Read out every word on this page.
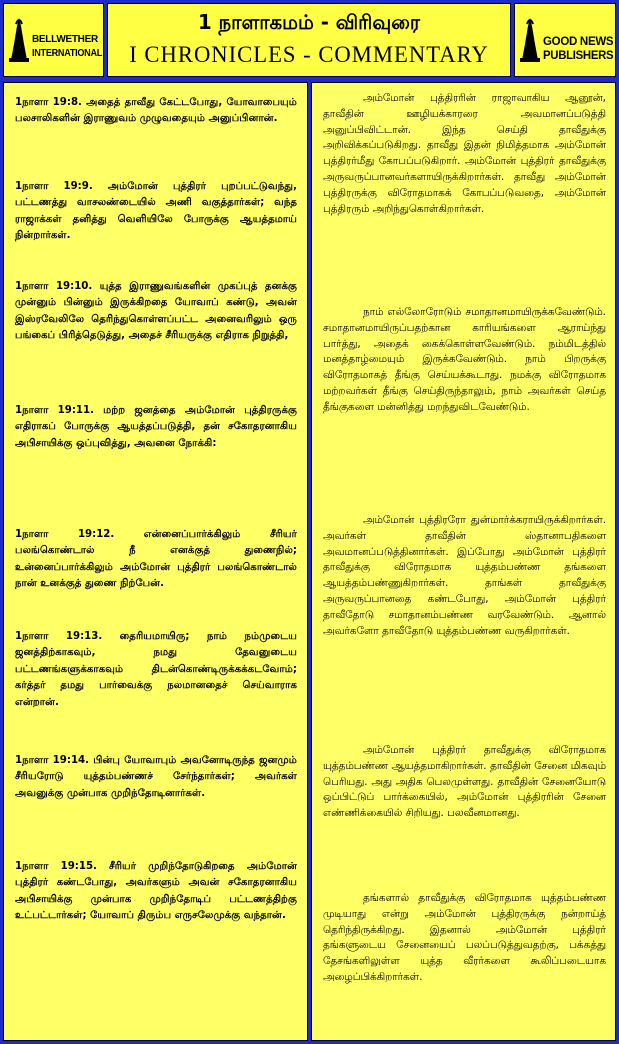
BELLWETHER
INTERNATIONAL
1 நாளாகமம் - விரிவுரை
I CHRONICLES - COMMENTARY
GOOD NEWS
PUBLISHERS

1நாளா 19:8. அதைத் தாவீது கேட்டபோது, யோவாபையும் பலசாலிகளின் இராணுவம் முழுவதையும் அனுப்பினான்.

1நாளா 19:9. அம்மோன் புத்திரர் புறப்பட்டுவந்து, பட்டணத்து வாசலண்டையில் அணி வகுத்தார்கள்; வந்த ராஜாக்கள் தனித்து வெளியிலே போருக்கு ஆயத்தமாய் நின்றார்கள்.

1நாளா 19:10. யுத்த இராணுவங்களின் முகப்புத் தனக்கு முன்னும் பின்னும் இருக்கிறதை யோவாப் கண்டு, அவன் இஸ்ரவேலிலே தெரிந்துகொள்ளப்பட்ட அனைவரிலும் ஒரு பங்கைப் பிரித்தெடுத்து, அதைச் சீரியருக்கு எதிராக நிறுத்தி,

1நாளா 19:11. மற்ற ஜனத்தை அம்மோன் புத்திரருக்கு எதிராகப் போருக்கு ஆயத்தப்படுத்தி, தன் சகோதரனாகிய அபிசாயிக்கு ஒப்புவித்து, அவனை நோக்கி:

1நாளா 19:12. என்னைப்பார்க்கிலும் சீரியர் பலங்கொண்டால் நீ எனக்குத் துணைநில்; உன்னைப்பார்க்கிலும் அம்மோன் புத்திரர் பலங்கொண்டால் நான் உனக்குத் துணை நிற்பேன்.

1நாளா 19:13. தைரியமாயிரு; நாம் நம்முடைய ஜனத்திற்காகவும், நமது தேவனுடைய பட்டணங்களுக்காகவும் திடன்கொண்டிருக்கக்கடவோம்; கர்த்தர் தமது பார்வைக்கு நலமானதைச் செய்வாராக என்றான்.

1நாளா 19:14. பின்பு யோவாபும் அவனோடிருந்த ஜனமும் சீரியரோடு யுத்தம்பண்ணச் சேர்ந்தார்கள்; அவர்கள் அவனுக்கு முன்பாக முறிந்தோடினார்கள்.

1நாளா 19:15. சீரியர் முறிந்தோடுகிறதை அம்மோன் புத்திரர் கண்டபோது, அவர்களும் அவன் சகோதரனாகிய அபிசாயிக்கு முன்பாக முறிந்தோடிப் பட்டணத்திற்கு உட்பட்டார்கள்; யோவாப் திரும்ப எருசலேமுக்கு வந்தான்.

அம்மோன் புத்திரரின் ராஜாவாகிய ஆனூன், தாவீதின் ஊழியக்காரரை அவமானப்படுத்தி அனுப்பிவிட்டான். இந்த செய்தி தாவீதுக்கு அறிவிக்கப்படுகிறது. தாவீது இதன் நிமித்தமாக அம்மோன் புத்திரர்மீது கோபப்படுகிறார். அம்மோன் புத்திரர் தாவீதுக்கு அருவருப்பானவர்களாயிருக்கிறார்கள். தாவீது அம்மோன் புத்திரருக்கு விரோதமாகக் கோபப்படுவதை, அம்மோன் புத்திரரும் அறிந்துகொள்கிறார்கள்.

நாம் எல்லோரோடும் சமாதானமாயிருக்கவேண்டும். சமாதானமாயிருப்பதற்கான காரியங்களை ஆராய்ந்து பார்த்து, அதைக் கைக்கொள்ளவேண்டும். நம்மிடத்தில் மனத்தாழ்மையும் இருக்கவேண்டும். நாம் பிறருக்கு விரோதமாகத் தீங்கு செய்யக்கூடாது. நமக்கு விரோதமாக மற்றவர்கள் தீங்கு செய்திருந்தாலும், நாம் அவர்கள் செய்த தீங்குகளை மன்னித்து மறந்துவிடவேண்டும்.

அம்மோன் புத்திரரோ துன்மார்க்கராயிருக்கிறார்கள். அவர்கள் தாவீதின் ஸ்தானாபதிகளை அவமானப்படுத்தினார்கள். இப்போது அம்மோன் புத்திரர் தாவீதுக்கு விரோதமாக யுத்தம்பண்ண தங்களை ஆயத்தம்பண்ணுகிறார்கள். தாங்கள் தாவீதுக்கு அருவருப்பானதை கண்டபோது, அம்மோன் புத்திரர் தாவீதோடு சமாதானம்பண்ண வரவேண்டும். ஆனால் அவர்களோ தாவீதோடு யுத்தம்பண்ண வருகிறார்கள்.

அம்மோன் புத்திரர் தாவீதுக்கு விரோதமாக யுத்தம்பண்ண ஆயத்தமாகிறார்கள். தாவீதின் சேனை மிகவும் பெரியது. அது அதிக பெலமுள்ளது. தாவீதின் சேனையோடு ஒப்பிட்டுப் பார்க்கையில், அம்மோன் புத்திரரின் சேனை எண்ணிக்கையில் சிறியது. பலவீனமானது.

தங்களால் தாவீதுக்கு விரோதமாக யுத்தம்பண்ண முடியாது என்று அம்மோன் புத்திரருக்கு நன்றாய்த் தெரிந்திருக்கிறது. இதனால் அம்மோன் புத்திரர் தங்களுடைய சேனையைப் பலப்படுத்துவதற்கு, பக்கத்து தேசங்களிலுள்ள யுத்த வீரர்களை கூலிப்படையாக அழைப்பிக்கிறார்கள்.
